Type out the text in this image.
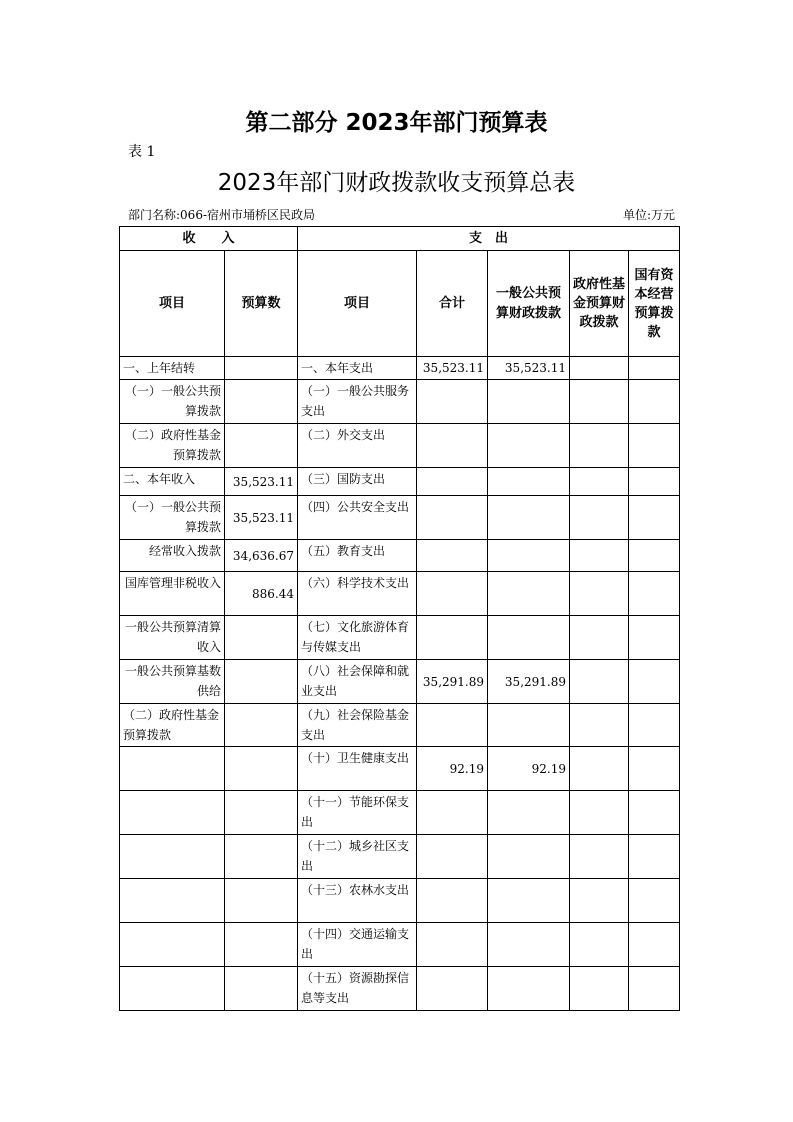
第二部分 2023年部门预算表
表 1
2023年部门财政拨款收支预算总表
部门名称:066-宿州市埇桥区民政局	单位:万元
收　　入		支　出				
项目	预算数	项目	合计	一般公共预算财政拨款	政府性基金预算财政拨款	国有资本经营预算拨款
一、上年结转		一、本年支出	35,523.11	35,523.11		
（一）一般公共预算拨款		（一）一般公共服务支出				
（二）政府性基金预算拨款		（二）外交支出				
二、本年收入	35,523.11	（三）国防支出				
（一）一般公共预算拨款	35,523.11	（四）公共安全支出				
经常收入拨款	34,636.67	（五）教育支出				
国库管理非税收入	886.44	（六）科学技术支出				
一般公共预算清算收入		（七）文化旅游体育与传媒支出				
一般公共预算基数供给		（八）社会保障和就业支出	35,291.89	35,291.89		
（二）政府性基金预算拨款		（九）社会保险基金支出				
		（十）卫生健康支出	92.19	92.19		
		（十一）节能环保支出				
		（十二）城乡社区支出				
		（十三）农林水支出				
		（十四）交通运输支出				
		（十五）资源勘探信息等支出				
